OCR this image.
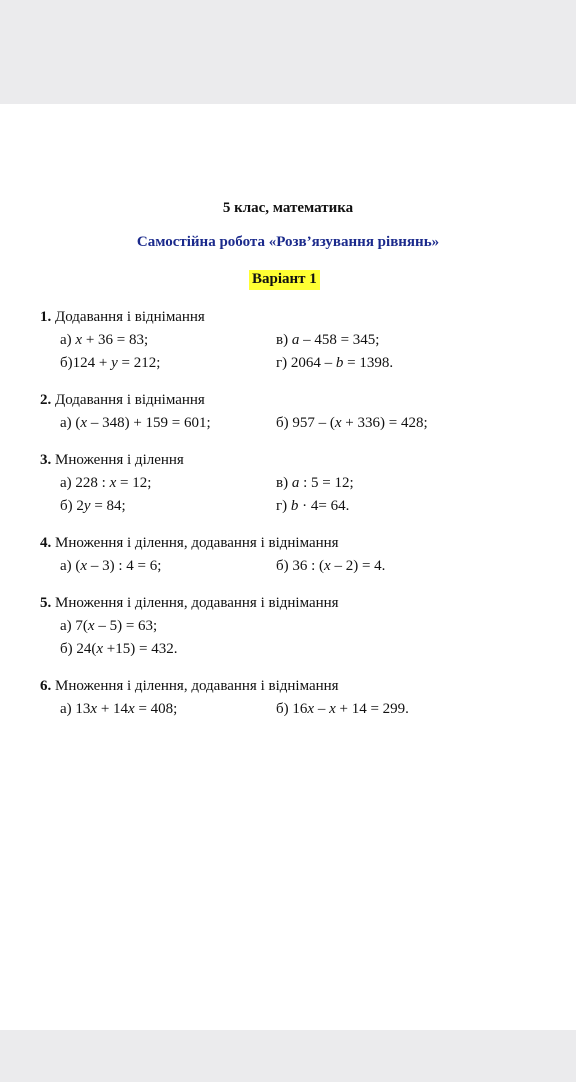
5 клас, математика
Самостійна робота «Розв’язування рівнянь»
Варіант 1
1. Додавання і віднімання
а) x + 36 = 83;	в) a – 458 = 345;
б)124 + y = 212;	г) 2064 – b = 1398.
2. Додавання і віднімання
а) (x – 348) + 159 = 601;	б) 957 – (x + 336) = 428;
3. Множення і ділення
а) 228 : x = 12;	в) a : 5 = 12;
б) 2y = 84;	г) b · 4= 64.
4. Множення і ділення, додавання і віднімання
а) (x – 3) : 4 = 6;	б) 36 : (x – 2) = 4.
5. Множення і ділення, додавання і віднімання
а) 7(x – 5) = 63;
б) 24(x +15) = 432.
6. Множення і ділення, додавання і віднімання
а) 13x + 14x = 408;	б) 16x – x + 14 = 299.
